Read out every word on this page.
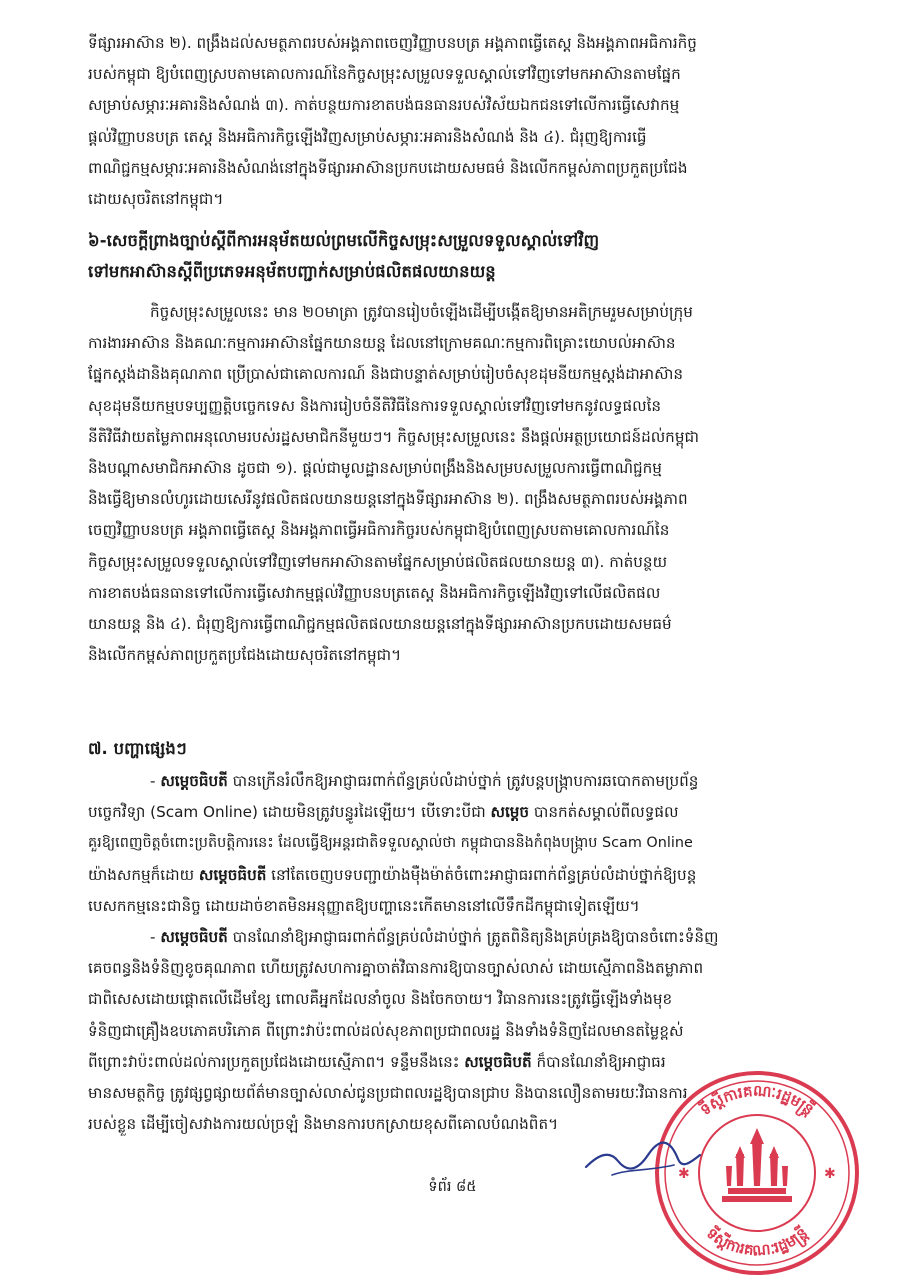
ទីផ្សារអាស៊ាន ២). ពង្រឹងដល់សមត្ថភាពរបស់អង្គភាពចេញវិញ្ញាបនបត្រ អង្គភាពធ្វើតេស្ត និងអង្គភាពអធិការកិច្ច
របស់កម្ពុជា ឱ្យបំពេញស្របតាមគោលការណ៍នៃកិច្ចសម្រុះសម្រួលទទួលស្គាល់ទៅវិញទៅមកអាស៊ានតាមផ្នែក
សម្រាប់សម្ភារៈអគារនិងសំណង់ ៣). កាត់បន្ថយការខាតបង់ធនធានរបស់វិស័យឯកជនទៅលើការធ្វើសេវាកម្ម
ផ្តល់វិញ្ញាបនបត្រ តេស្ត និងអធិការកិច្ចឡើងវិញសម្រាប់សម្ភារៈអគារនិងសំណង់ និង ៤). ជំរុញឱ្យការធ្វើ
ពាណិជ្ជកម្មសម្ភារៈអគារនិងសំណង់នៅក្នុងទីផ្សារអាស៊ានប្រកបដោយសមធម៌ និងលើកកម្ពស់ភាពប្រកួតប្រជែង
ដោយសុចរិតនៅកម្ពុជា។
៦-សេចក្តីព្រាងច្បាប់ស្តីពីការអនុម័តយល់ព្រមលើកិច្ចសម្រុះសម្រួលទទួលស្គាល់ទៅវិញ
ទៅមកអាស៊ានស្តីពីប្រភេទអនុម័តបញ្ជាក់សម្រាប់ផលិតផលយានយន្ត
កិច្ចសម្រុះសម្រួលនេះ មាន ២០មាត្រា ត្រូវបានរៀបចំឡើងដើម្បីបង្កើតឱ្យមានអតិក្រមរួមសម្រាប់ក្រុម
ការងារអាស៊ាន និងគណៈកម្មការអាស៊ានផ្នែកយានយន្ត ដែលនៅក្រោមគណៈកម្មការពិគ្រោះយោបល់អាស៊ាន
ផ្នែកស្តង់ដានិងគុណភាព ប្រើប្រាស់ជាគោលការណ៍ និងជាបន្ទាត់សម្រាប់រៀបចំសុខដុមនីយកម្មស្តង់ដាអាស៊ាន
សុខដុមនីយកម្មបទប្បញ្ញត្តិបច្ចេកទេស និងការរៀបចំនីតិវិធីនៃការទទួលស្គាល់ទៅវិញទៅមកនូវលទ្ធផលនៃ
នីតិវិធីវាយតម្លៃភាពអនុលោមរបស់រដ្ឋសមាជិកនីមួយៗ។ កិច្ចសម្រុះសម្រួលនេះ នឹងផ្តល់អត្ថប្រយោជន៍ដល់កម្ពុជា
និងបណ្តាសមាជិកអាស៊ាន ដូចជា ១). ផ្តល់ជាមូលដ្ឋានសម្រាប់ពង្រឹងនិងសម្របសម្រួលការធ្វើពាណិជ្ជកម្ម
និងធ្វើឱ្យមានលំហូរដោយសេរីនូវផលិតផលយានយន្តនៅក្នុងទីផ្សារអាស៊ាន ២). ពង្រឹងសមត្ថភាពរបស់អង្គភាព
ចេញវិញ្ញាបនបត្រ អង្គភាពធ្វើតេស្ត និងអង្គភាពធ្វើអធិការកិច្ចរបស់កម្ពុជាឱ្យបំពេញស្របតាមគោលការណ៍នៃ
កិច្ចសម្រុះសម្រួលទទួលស្គាល់ទៅវិញទៅមកអាស៊ានតាមផ្នែកសម្រាប់ផលិតផលយានយន្ត ៣). កាត់បន្ថយ
ការខាតបង់ធនធានទៅលើការធ្វើសេវាកម្មផ្តល់វិញ្ញាបនបត្រតេស្ត និងអធិការកិច្ចឡើងវិញទៅលើផលិតផល
យានយន្ត និង ៤). ជំរុញឱ្យការធ្វើពាណិជ្ជកម្មផលិតផលយានយន្តនៅក្នុងទីផ្សារអាស៊ានប្រកបដោយសមធម៌
និងលើកកម្ពស់ភាពប្រកួតប្រជែងដោយសុចរិតនៅកម្ពុជា។
៧. បញ្ហាផ្សេងៗ
- សម្តេចធិបតី បានក្រើនរំលឹកឱ្យអាជ្ញាធរពាក់ព័ន្ធគ្រប់លំដាប់ថ្នាក់ ត្រូវបន្តបង្ក្រាបការឆបោកតាមប្រព័ន្ធ
បច្ចេកវិទ្យា (Scam Online) ដោយមិនត្រូវបន្ធូរដៃឡើយ។ បើទោះបីជា សម្តេច បានកត់សម្គាល់ពីលទ្ធផល
គួរឱ្យពេញចិត្តចំពោះប្រតិបត្តិការនេះ ដែលធ្វើឱ្យអន្តរជាតិទទួលស្គាល់ថា កម្ពុជាបាននិងកំពុងបង្ក្រាប Scam Online
យ៉ាងសកម្មក៏ដោយ សម្តេចធិបតី នៅតែចេញបទបញ្ជាយ៉ាងម៉ឺងម៉ាត់ចំពោះអាជ្ញាធរពាក់ព័ន្ធគ្រប់លំដាប់ថ្នាក់ឱ្យបន្ត
បេសកកម្មនេះជានិច្ច ដោយដាច់ខាតមិនអនុញ្ញាតឱ្យបញ្ហានេះកើតមាននៅលើទឹកដីកម្ពុជាទៀតឡើយ។
- សម្តេចធិបតី បានណែនាំឱ្យអាជ្ញាធរពាក់ព័ន្ធគ្រប់លំដាប់ថ្នាក់ ត្រូតពិនិត្យនិងគ្រប់គ្រងឱ្យបានចំពោះទំនិញ
គេចពន្ធនិងទំនិញខូចគុណភាព ហើយត្រូវសហការគ្នាចាត់វិធានការឱ្យបានច្បាស់លាស់ ដោយស្មើភាពនិងតម្លាភាព
ជាពិសេសដោយផ្តោតលើដើមខ្សែ ពោលគឺអ្នកដែលនាំចូល និងចែកចាយ។ វិធានការនេះត្រូវធ្វើឡើងទាំងមុខ
ទំនិញជាគ្រឿងឧបភោគបរិភោគ ពីព្រោះវាប៉ះពាល់ដល់សុខភាពប្រជាពលរដ្ឋ និងទាំងទំនិញដែលមានតម្លៃខ្ពស់
ពីព្រោះវាប៉ះពាល់ដល់ការប្រកួតប្រជែងដោយស្មើភាព។ ទន្ទឹមនឹងនេះ សម្តេចធិបតី ក៏បានណែនាំឱ្យអាជ្ញាធរ
មានសមត្ថកិច្ច ត្រូវផ្សព្វផ្សាយព័ត៌មានច្បាស់លាស់ជូនប្រជាពលរដ្ឋឱ្យបានជ្រាប និងបានលឿនតាមរយៈវិធានការ
របស់ខ្លួន ដើម្បីចៀសវាងការយល់ច្រឡំ និងមានការបកស្រាយខុសពីគោលបំណងពិត។
ទំព័រ ៨៥
ទីស្តីការគណៈរដ្ឋមន្ត្រី
ទីស្តីការគណៈរដ្ឋមន្ត្រី
✱	✱
